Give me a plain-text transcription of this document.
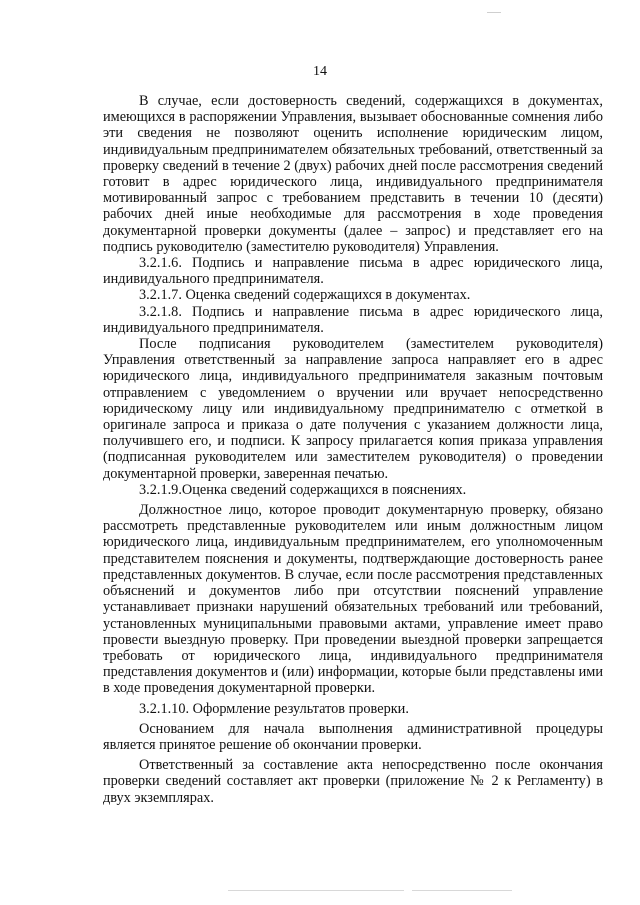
14

В случае, если достоверность сведений, содержащихся в документах, имеющихся в распоряжении Управления, вызывает обоснованные сомнения либо эти сведения не позволяют оценить исполнение юридическим лицом, индивидуальным предпринимателем обязательных требований, ответственный за проверку сведений в течение 2 (двух) рабочих дней после рассмотрения сведений готовит в адрес юридического лица, индивидуального предпринимателя мотивированный запрос с требованием представить в течении 10 (десяти) рабочих дней иные необходимые для рассмотрения в ходе проведения документарной проверки документы (далее – запрос) и представляет его на подпись руководителю (заместителю руководителя) Управления.

3.2.1.6. Подпись и направление письма в адрес юридического лица, индивидуального предпринимателя.

3.2.1.7. Оценка сведений содержащихся в документах.

3.2.1.8. Подпись и направление письма в адрес юридического лица, индивидуального предпринимателя.

После подписания руководителем (заместителем руководителя) Управления ответственный за направление запроса направляет его в адрес юридического лица, индивидуального предпринимателя заказным почтовым отправлением с уведомлением о вручении или вручает непосредственно юридическому лицу или индивидуальному предпринимателю с отметкой в оригинале запроса и приказа о дате получения с указанием должности лица, получившего его, и подписи. К запросу прилагается копия приказа управления (подписанная руководителем или заместителем руководителя) о проведении документарной проверки, заверенная печатью.

3.2.1.9.Оценка сведений содержащихся в пояснениях.

Должностное лицо, которое проводит документарную проверку, обязано рассмотреть представленные руководителем или иным должностным лицом юридического лица, индивидуальным предпринимателем, его уполномоченным представителем пояснения и документы, подтверждающие достоверность ранее представленных документов. В случае, если после рассмотрения представленных объяснений и документов либо при отсутствии пояснений управление устанавливает признаки нарушений обязательных требований или требований, установленных муниципальными правовыми актами, управление имеет право провести выездную проверку. При проведении выездной проверки запрещается требовать от юридического лица, индивидуального предпринимателя представления документов и (или) информации, которые были представлены ими в ходе проведения документарной проверки.

3.2.1.10. Оформление результатов проверки.

Основанием для начала выполнения административной процедуры является принятое решение об окончании проверки.

Ответственный за составление акта непосредственно после окончания проверки сведений составляет акт проверки (приложение № 2 к Регламенту) в двух экземплярах.
